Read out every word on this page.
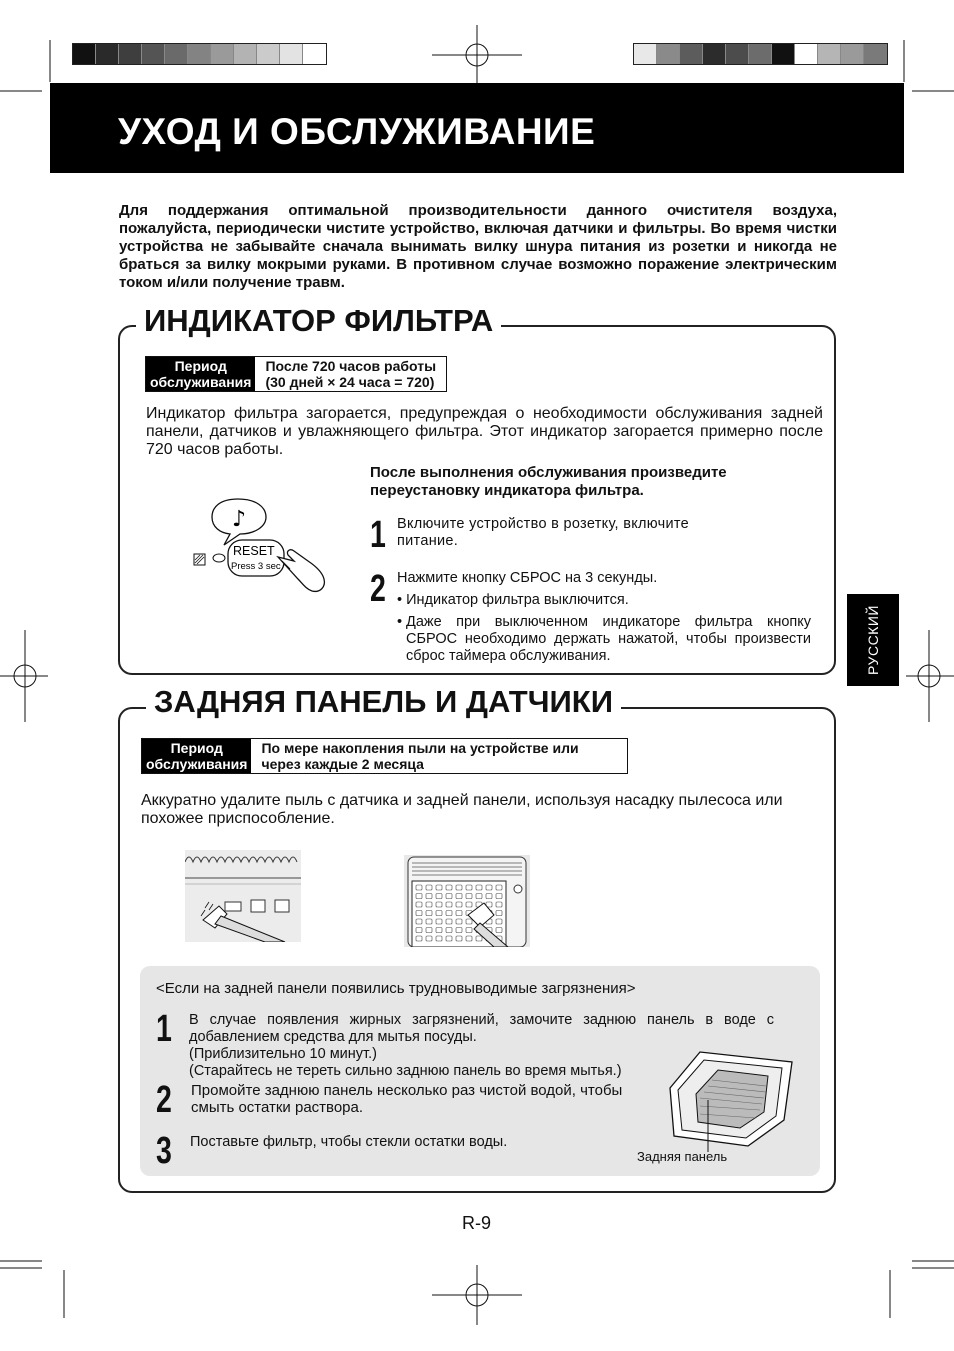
УХОД И ОБСЛУЖИВАНИЕ

Для поддержания оптимальной производительности данного очистителя воздуха, пожалуйста, периодически чистите устройство, включая датчики и фильтры. Во время чистки устройства не забывайте сначала вынимать вилку шнура питания из розетки и никогда не браться за вилку мокрыми руками. В противном случае возможно поражение электрическим током и/или получение травм.

РУССКИЙ
ИНДИКАТОР ФИЛЬТРА
Период
обслуживания
После 720 часов работы
(30 дней × 24 часа = 720)

Индикатор фильтра загорается, предупреждая о необходимости обслуживания задней панели, датчиков и увлажняющего фильтра. Этот индикатор загорается примерно после 720 часов работы.

После выполнения обслуживания произведите переустановку индикатора фильтра.

♪
RESET
Press 3 sec
1 Включите устройство в розетку, включите питание.

2 Нажмите кнопку СБРОС на 3 секунды.

• Индикатор фильтра выключится.

• Даже при выключенном индикаторе фильтра кнопку СБРОС необходимо держать нажатой, чтобы произвести сброс таймера обслуживания.

ЗАДНЯЯ ПАНЕЛЬ И ДАТЧИКИ
Период
обслуживания
По мере накопления пыли на устройстве или
через каждые 2 месяца

Аккуратно удалите пыль с датчика и задней панели, используя насадку пылесоса или похожее приспособление.

<Если на задней панели появились трудновыводимые загрязнения>

1 В случае появления жирных загрязнений, замочите заднюю панель в воде с добавлением средства для мытья посуды.
(Приблизительно 10 минут.)
(Старайтесь не тереть сильно заднюю панель во время мытья.)

2 Промойте заднюю панель несколько раз чистой водой, чтобы смыть остатки раствора.

3 Поставьте фильтр, чтобы стекли остатки воды.

Задняя панель

R-9
